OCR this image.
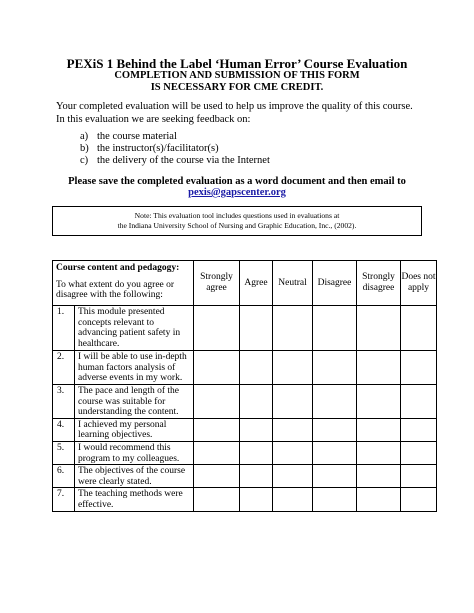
PEXiS 1 Behind the Label ‘Human Error’ Course Evaluation
COMPLETION AND SUBMISSION OF THIS FORM
IS NECESSARY FOR CME CREDIT.
Your completed evaluation will be used to help us improve the quality of this course. In this evaluation we are seeking feedback on:
a) the course material
b) the instructor(s)/facilitator(s)
c) the delivery of the course via the Internet
Please save the completed evaluation as a word document and then email to
pexis@gapscenter.org
Note: This evaluation tool includes questions used in evaluations at
the Indiana University School of Nursing and Graphic Education, Inc., (2002).
Course content and pedagogy:
To what extent do you agree or disagree with the following:		Strongly agree	Agree	Neutral	Disagree	Strongly disagree	Does not apply
1.	This module presented concepts relevant to advancing patient safety in healthcare.						
2.	I will be able to use in-depth human factors analysis of adverse events in my work.						
3.	The pace and length of the course was suitable for understanding the content.						
4.	I achieved my personal learning objectives.						
5.	I would recommend this program to my colleagues.						
6.	The objectives of the course were clearly stated.						
7.	The teaching methods were effective.						
